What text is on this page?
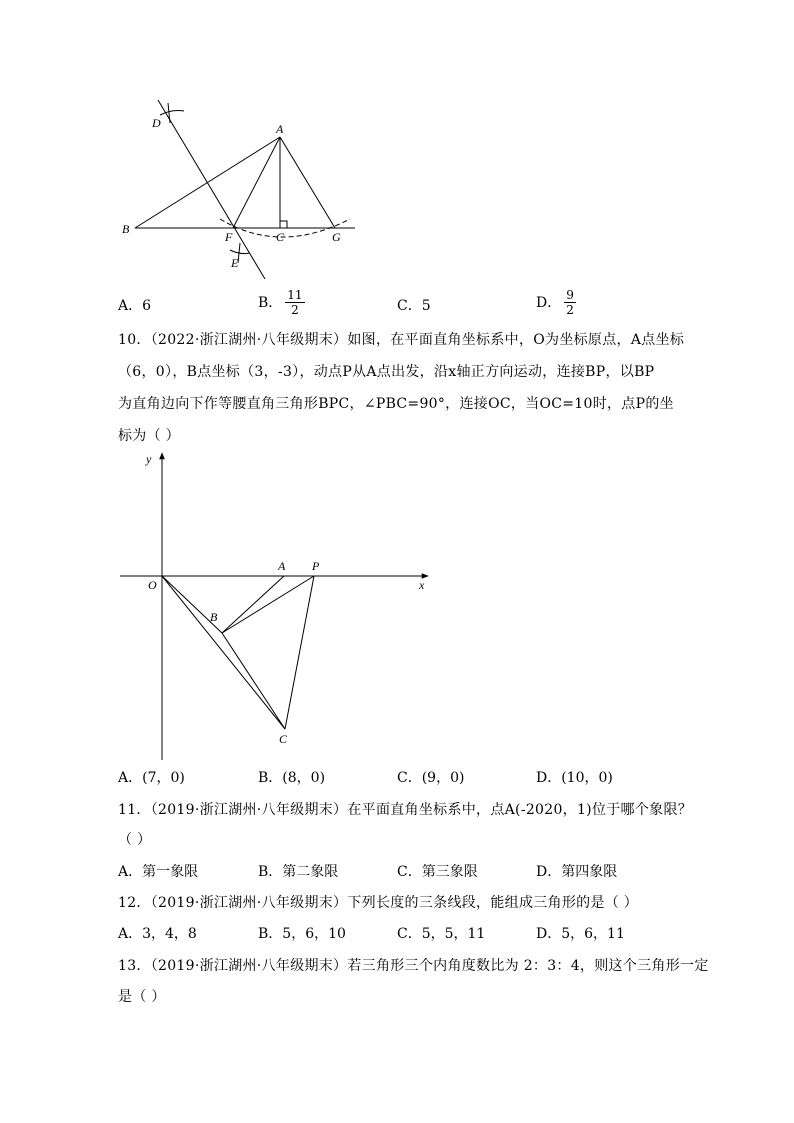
D	A
B
F	C	G
E
A．6	B． $\frac{11}{2}$	C．5	D． $\frac{9}{2}$
10．（2022·浙江湖州·八年级期末）如图，在平面直角坐标系中，O为坐标原点，A点坐标
（6，0），B点坐标（3，-3），动点P从A点出发，沿x轴正方向运动，连接BP，以BP
为直角边向下作等腰直角三角形BPC，∠PBC=90°，连接OC，当OC=10时，点P的坐
标为（ ）
y
x
O
A P
B
C
A．(7，0)	B．(8，0)	C．(9，0)	D．(10，0)
11．（2019·浙江湖州·八年级期末）在平面直角坐标系中，点A(-2020，1)位于哪个象限？
（ ）
A．第一象限	B．第二象限	C．第三象限	D．第四象限
12．（2019·浙江湖州·八年级期末）下列长度的三条线段，能组成三角形的是（ ）
A．3，4，8	B．5，6，10	C．5，5，11	D．5，6，11
13．（2019·浙江湖州·八年级期末）若三角形三个内角度数比为 2：3：4，则这个三角形一定
是（ ）
